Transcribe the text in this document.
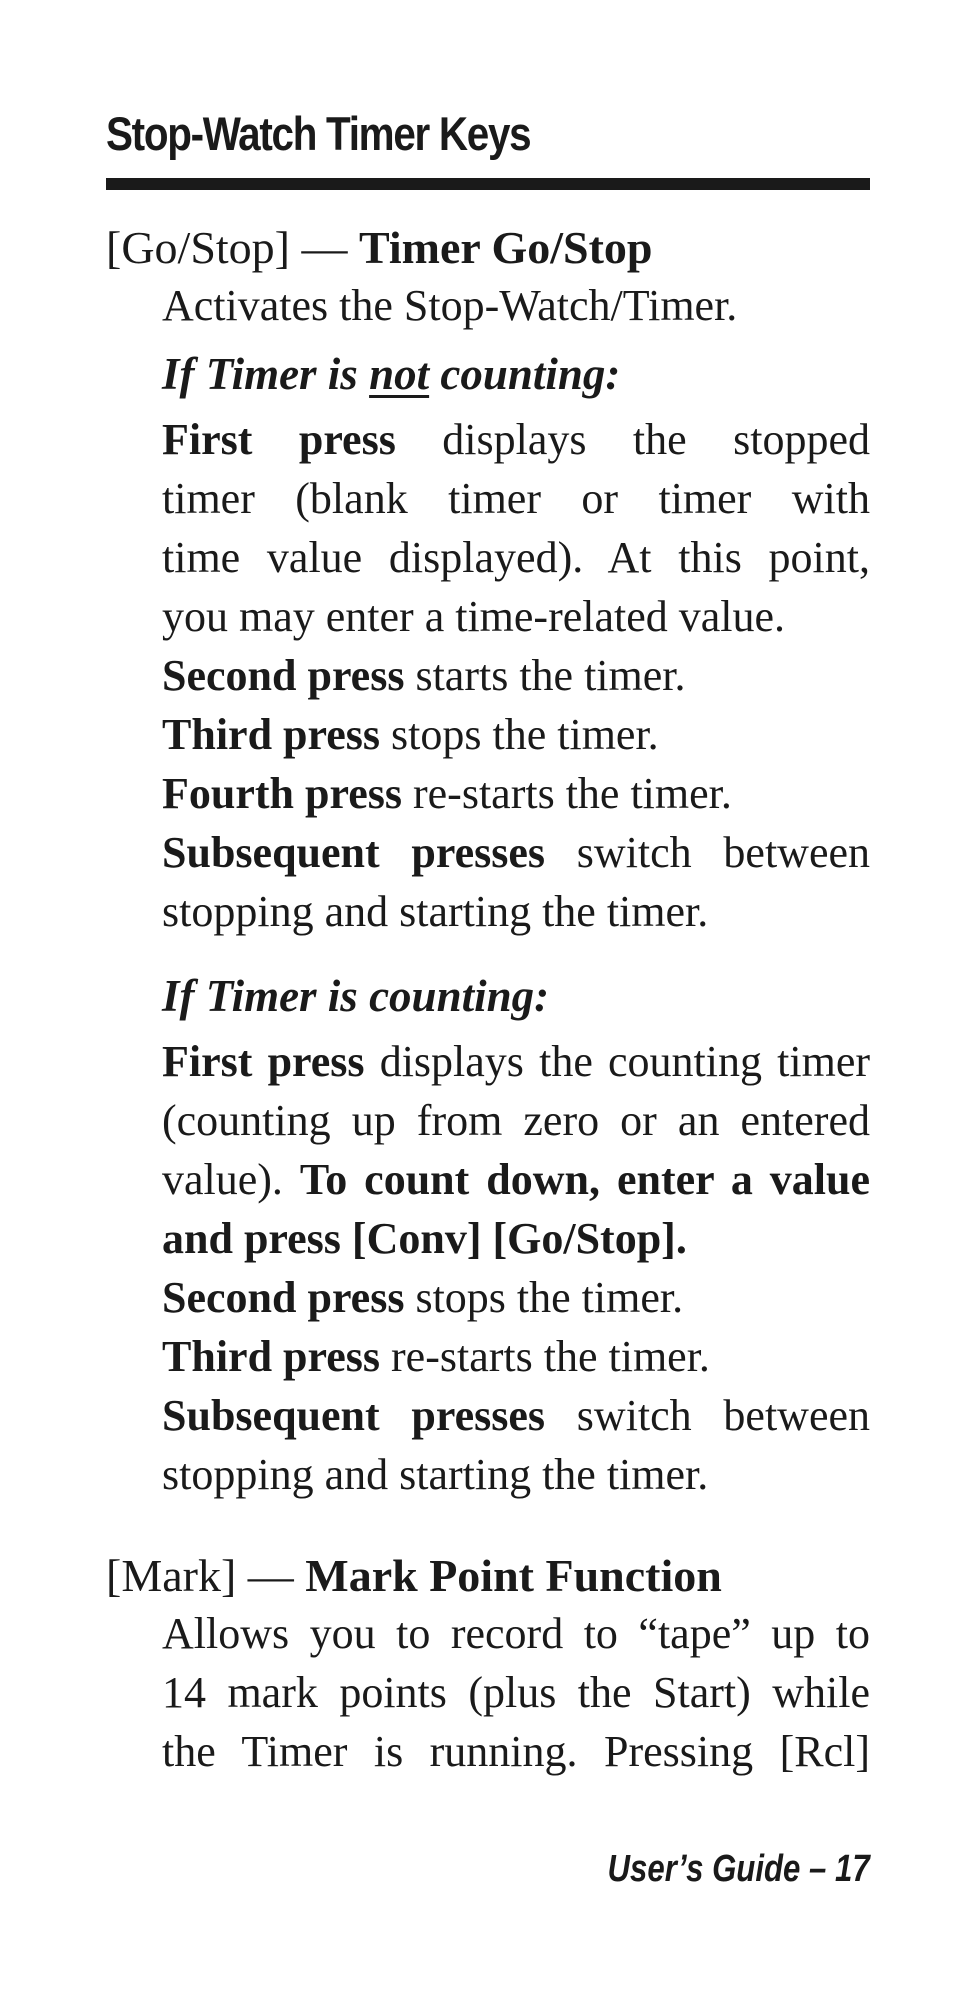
Stop-Watch Timer Keys
[Go/Stop] — Timer Go/Stop
Activates the Stop-Watch/Timer.
If Timer is not counting:
First press displays the stopped
timer (blank timer or timer with
time value displayed). At this point,
you may enter a time-related value.
Second press starts the timer.
Third press stops the timer.
Fourth press re-starts the timer.
Subsequent presses switch between
stopping and starting the timer.
If Timer is counting:
First press displays the counting timer
(counting up from zero or an entered
value). To count down, enter a value
and press [Conv] [Go/Stop].
Second press stops the timer.
Third press re-starts the timer.
Subsequent presses switch between
stopping and starting the timer.
[Mark] — Mark Point Function
Allows you to record to “tape” up to
14 mark points (plus the Start) while
the Timer is running. Pressing [Rcl]
User’s Guide – 17
